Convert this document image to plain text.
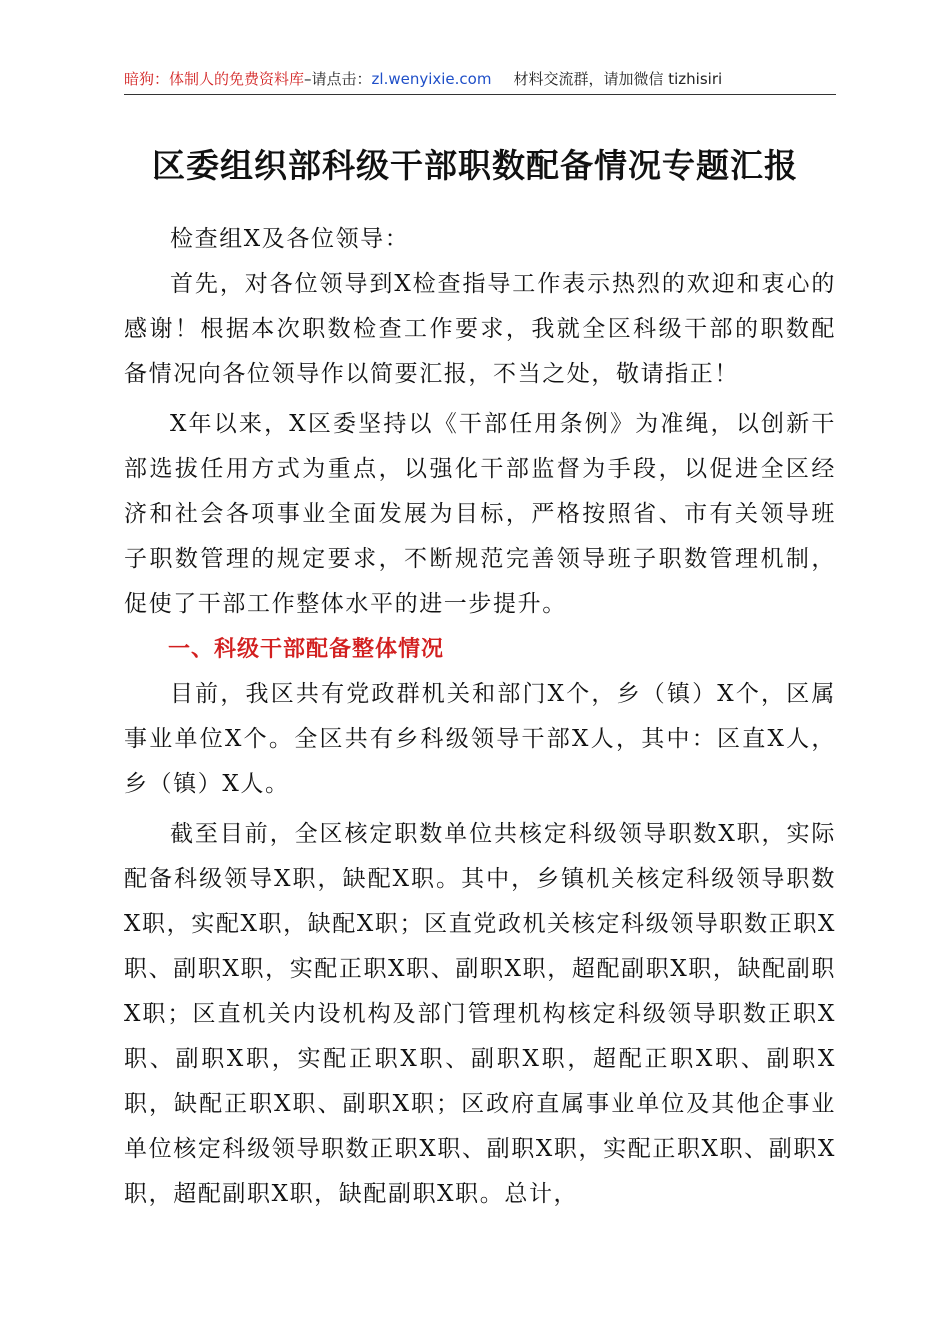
暗狗：体制人的免费资料库–请点击：zl.wenyixie.com 材料交流群，请加微信 tizhisiri
区委组织部科级干部职数配备情况专题汇报

检查组X及各位领导：

首先，对各位领导到X检查指导工作表示热烈的欢迎和衷心的感谢！根据本次职数检查工作要求，我就全区科级干部的职数配备情况向各位领导作以简要汇报，不当之处，敬请指正！

X年以来，X区委坚持以《干部任用条例》为准绳，以创新干部选拔任用方式为重点，以强化干部监督为手段，以促进全区经济和社会各项事业全面发展为目标，严格按照省、市有关领导班子职数管理的规定要求，不断规范完善领导班子职数管理机制，促使了干部工作整体水平的进一步提升。

一、科级干部配备整体情况

目前，我区共有党政群机关和部门X个，乡（镇）X个，区属事业单位X个。全区共有乡科级领导干部X人，其中：区直X人，乡（镇）X人。

截至目前，全区核定职数单位共核定科级领导职数X职，实际配备科级领导X职，缺配X职。其中，乡镇机关核定科级领导职数X职，实配X职，缺配X职；区直党政机关核定科级领导职数正职X职、副职X职，实配正职X职、副职X职，超配副职X职，缺配副职X职；区直机关内设机构及部门管理机构核定科级领导职数正职X职、副职X职，实配正职X职、副职X职，超配正职X职、副职X职，缺配正职X职、副职X职；区政府直属事业单位及其他企事业单位核定科级领导职数正职X职、副职X职，实配正职X职、副职X职，超配副职X职，缺配副职X职。总计，
